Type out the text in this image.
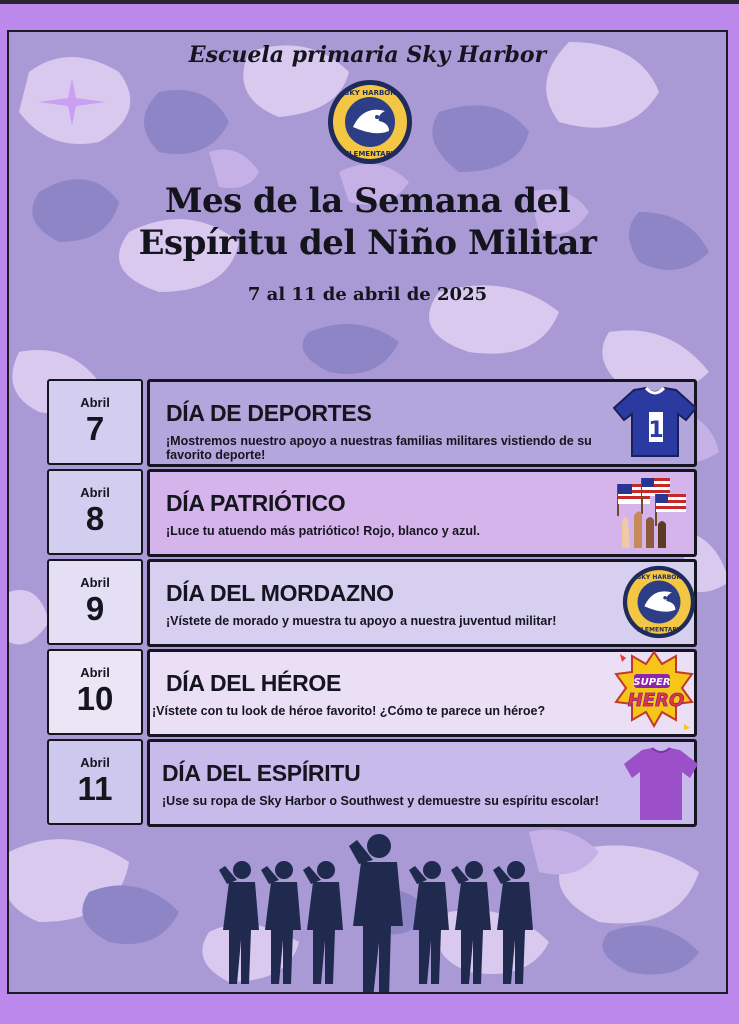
Escuela primaria Sky Harbor
SKY HARBOR
ELEMENTARY
Mes de la Semana del
Espíritu del Niño Militar
7 al 11 de abril de 2025
Abril
7	DÍA DE DEPORTES
¡Mostremos nuestro apoyo a nuestras familias militares vistiendo de su favorito deporte!
1
Abril
8	DÍA PATRIÓTICO
¡Luce tu atuendo más patriótico! Rojo, blanco y azul.
Abril
9	DÍA DEL MORDAZNO
¡Vístete de morado y muestra tu apoyo a nuestra juventud militar!
SKY HARBOR
ELEMENTARY
Abril
10	DÍA DEL HÉROE
¡Vístete con tu look de héroe favorito! ¿Cómo te parece un héroe?
SUPER
HERO
Abril
11	DÍA DEL ESPÍRITU
¡Use su ropa de Sky Harbor o Southwest y demuestre su espíritu escolar!
